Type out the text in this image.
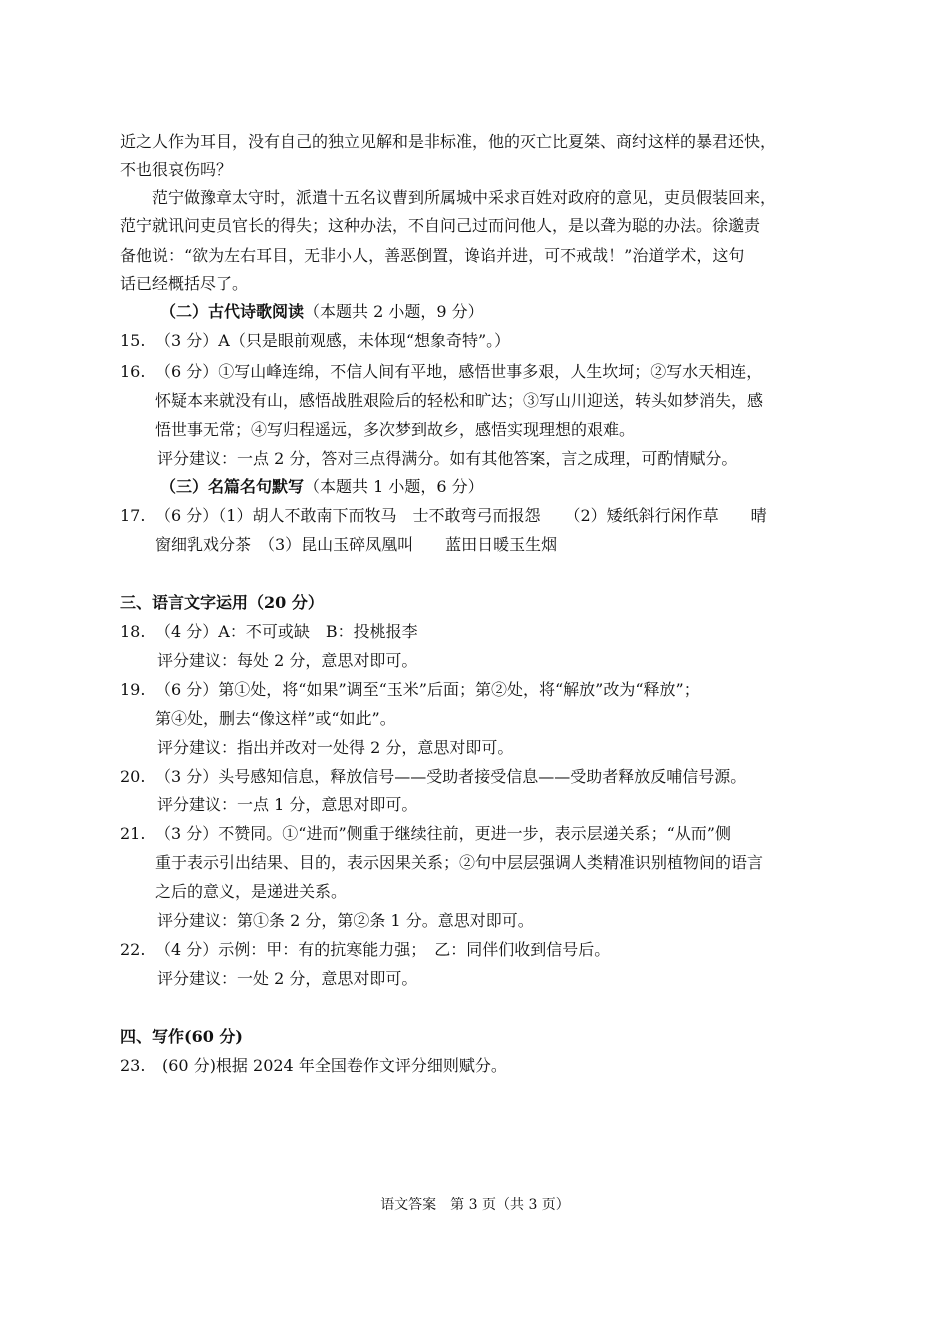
近之人作为耳目，没有自己的独立见解和是非标准，他的灭亡比夏桀、商纣这样的暴君还快，
不也很哀伤吗？
范宁做豫章太守时，派遣十五名议曹到所属城中采求百姓对政府的意见，吏员假装回来，
范宁就讯问吏员官长的得失；这种办法，不自问己过而问他人，是以聋为聪的办法。徐邈责
备他说：“欲为左右耳目，无非小人，善恶倒置，谗谄并进，可不戒哉！”治道学术，这句
话已经概括尽了。
（二）古代诗歌阅读（本题共 2 小题，9 分）
15. （3 分）A（只是眼前观感，未体现“想象奇特”。）
16. （6 分）①写山峰连绵，不信人间有平地，感悟世事多艰，人生坎坷；②写水天相连，
怀疑本来就没有山，感悟战胜艰险后的轻松和旷达；③写山川迎送，转头如梦消失，感
悟世事无常；④写归程遥远，多次梦到故乡，感悟实现理想的艰难。
评分建议：一点 2 分，答对三点得满分。如有其他答案，言之成理，可酌情赋分。
（三）名篇名句默写（本题共 1 小题，6 分）
17. （6 分）（1）胡人不敢南下而牧马　士不敢弯弓而报怨　　（2）矮纸斜行闲作草　　晴
窗细乳戏分茶　（3）昆山玉碎凤凰叫　　蓝田日暖玉生烟
三、语言文字运用（20 分）
18. （4 分）A：不可或缺　B：投桃报李
评分建议：每处 2 分，意思对即可。
19. （6 分）第①处，将“如果”调至“玉米”后面；第②处，将“解放”改为“释放”；
第④处，删去“像这样”或“如此”。
评分建议：指出并改对一处得 2 分，意思对即可。
20. （3 分）头号感知信息，释放信号——受助者接受信息——受助者释放反哺信号源。
评分建议：一点 1 分，意思对即可。
21. （3 分）不赞同。①“进而”侧重于继续往前，更进一步，表示层递关系；“从而”侧
重于表示引出结果、目的，表示因果关系；②句中层层强调人类精准识别植物间的语言
之后的意义，是递进关系。
评分建议：第①条 2 分，第②条 1 分。意思对即可。
22. （4 分）示例：甲：有的抗寒能力强；　乙：同伴们收到信号后。
评分建议：一处 2 分，意思对即可。
四、写作(60 分)
23. (60 分)根据 2024 年全国卷作文评分细则赋分。
语文答案　第 3 页（共 3 页）
